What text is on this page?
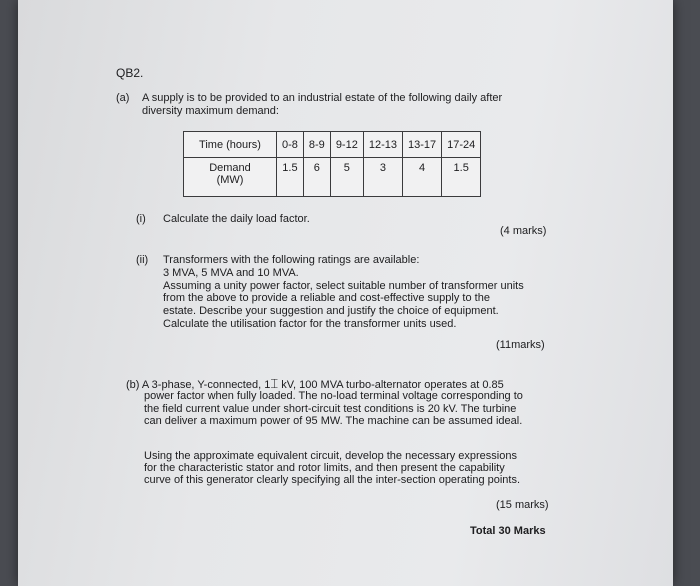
QB2.
(a) A supply is to be provided to an industrial estate of the following daily after
diversity maximum demand:
Time (hours)	0-8	8-9	9-12	12-13	13-17	17-24

Demand
(MW)	1.5	6	5	3	4	1.5
(i) Calculate the daily load factor.
(4 marks)
(ii) Transformers with the following ratings are available:
3 MVA, 5 MVA and 10 MVA.
Assuming a unity power factor, select suitable number of transformer units
from the above to provide a reliable and cost-effective supply to the
estate. Describe your suggestion and justify the choice of equipment.
Calculate the utilisation factor for the transformer units used.
(11marks)
(b) A 3-phase, Y-connected, 1⌶ kV, 100 MVA turbo-alternator operates at 0.85
power factor when fully loaded. The no-load terminal voltage corresponding to
the field current value under short-circuit test conditions is 20 kV. The turbine
can deliver a maximum power of 95 MW. The machine can be assumed ideal.
Using the approximate equivalent circuit, develop the necessary expressions
for the characteristic stator and rotor limits, and then present the capability
curve of this generator clearly specifying all the inter-section operating points.
(15 marks)
Total 30 Marks
